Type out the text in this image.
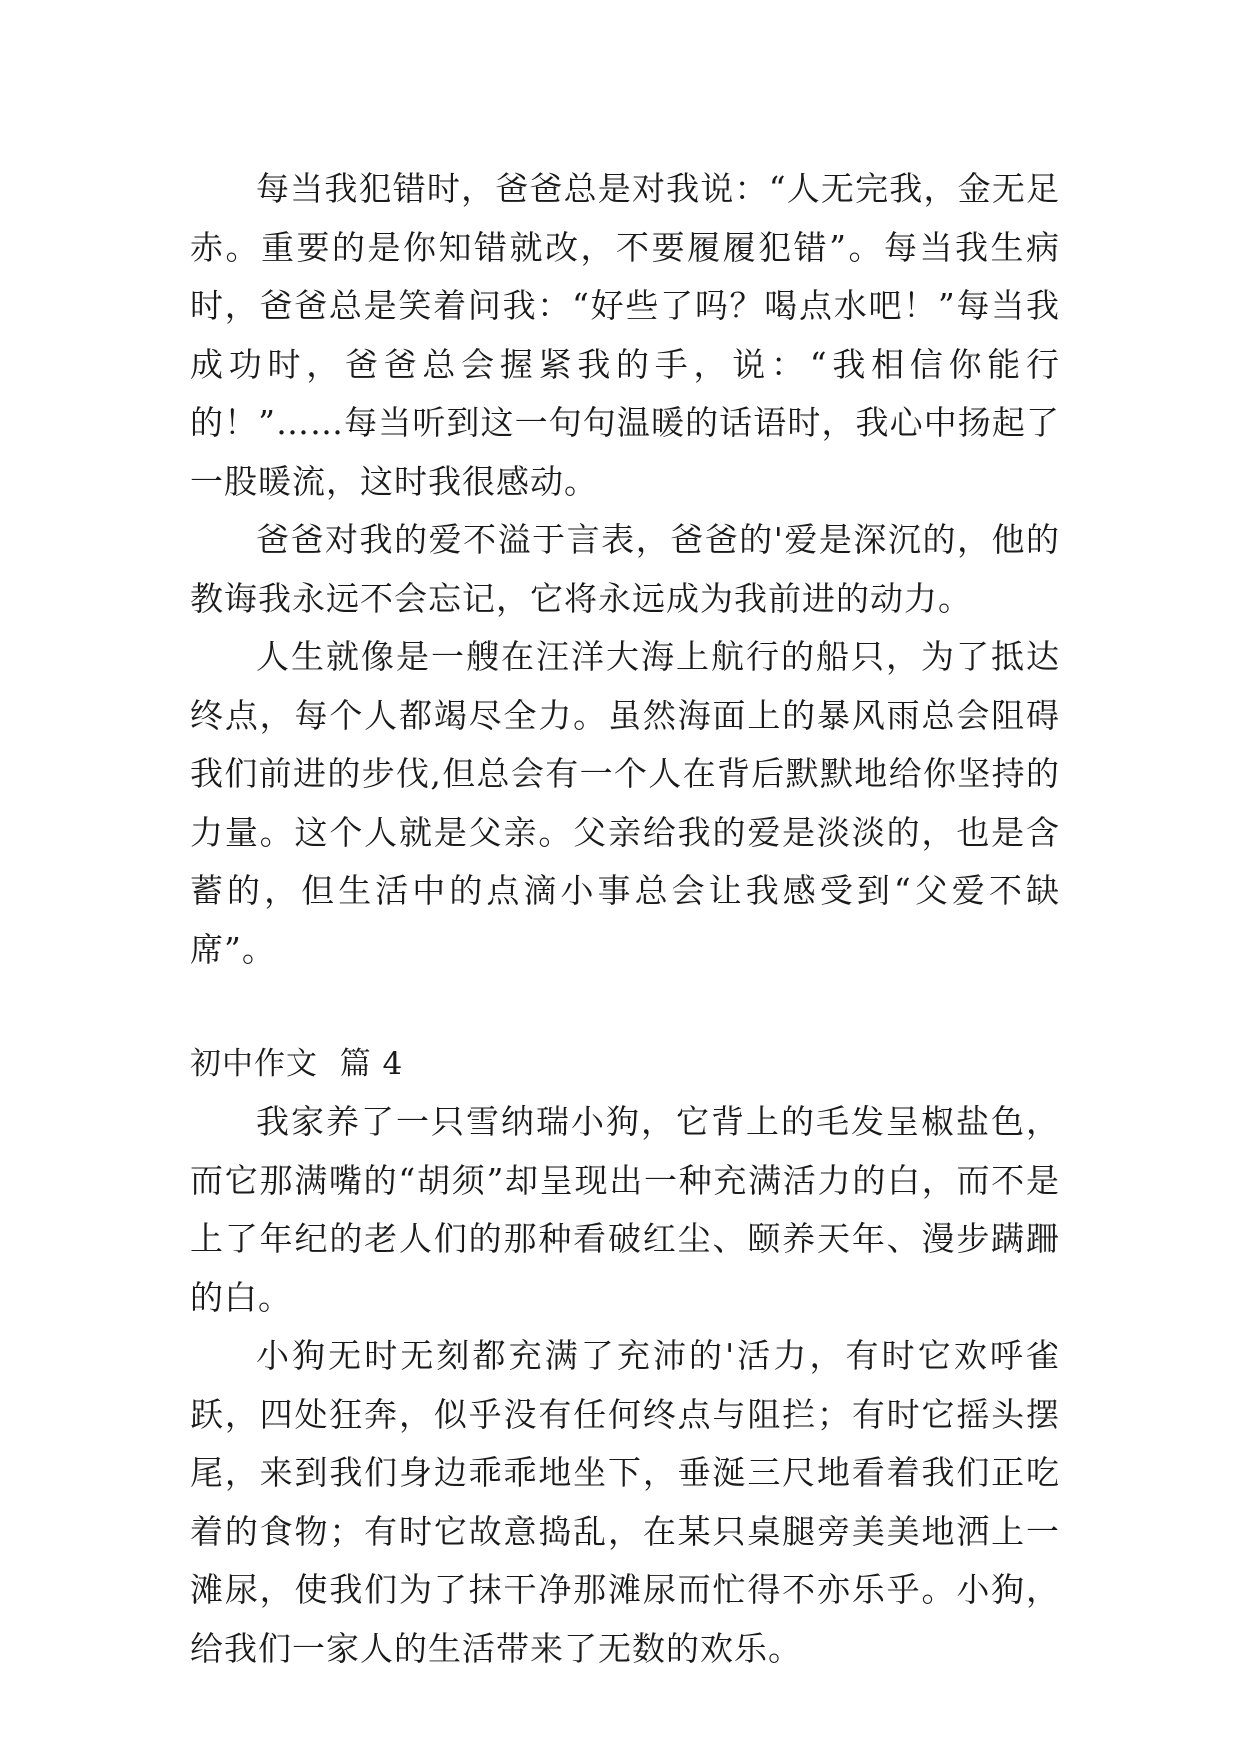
每当我犯错时，爸爸总是对我说：“人无完我，金无足赤。重要的是你知错就改，不要履履犯错”。每当我生病时，爸爸总是笑着问我：“好些了吗？喝点水吧！”每当我成功时，爸爸总会握紧我的手，说：“我相信你能行的！”……每当听到这一句句温暖的话语时，我心中扬起了一股暖流，这时我很感动。

爸爸对我的爱不溢于言表，爸爸的'爱是深沉的，他的教诲我永远不会忘记，它将永远成为我前进的动力。

人生就像是一艘在汪洋大海上航行的船只，为了抵达终点，每个人都竭尽全力。虽然海面上的暴风雨总会阻碍我们前进的步伐,但总会有一个人在背后默默地给你坚持的力量。这个人就是父亲。父亲给我的爱是淡淡的，也是含蓄的，但生活中的点滴小事总会让我感受到“父爱不缺席”。

初中作文  篇 4

我家养了一只雪纳瑞小狗，它背上的毛发呈椒盐色，而它那满嘴的“胡须”却呈现出一种充满活力的白，而不是上了年纪的老人们的那种看破红尘、颐养天年、漫步蹒跚的白。

小狗无时无刻都充满了充沛的'活力，有时它欢呼雀跃，四处狂奔，似乎没有任何终点与阻拦；有时它摇头摆尾，来到我们身边乖乖地坐下，垂涎三尺地看着我们正吃着的食物；有时它故意捣乱，在某只桌腿旁美美地洒上一滩尿，使我们为了抹干净那滩尿而忙得不亦乐乎。小狗，给我们一家人的生活带来了无数的欢乐。
